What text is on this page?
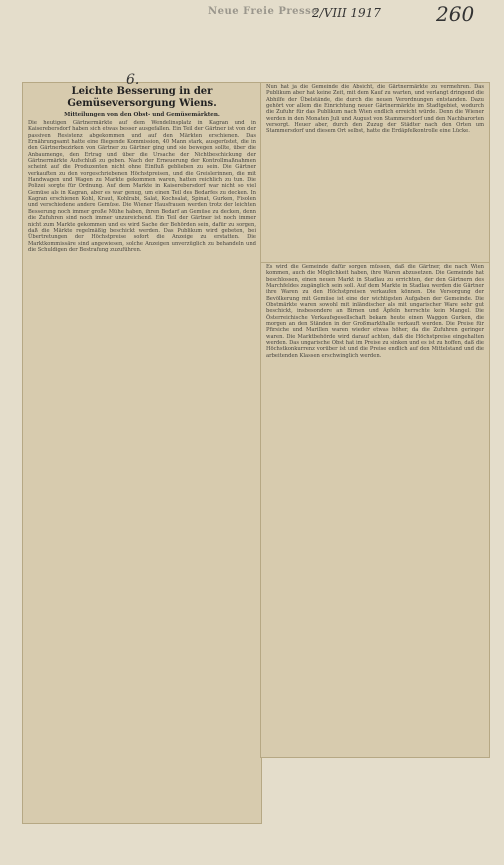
Neue Freie Presse
2/VIII 1917	260
Leichte Besserung in der Gemüseversorgung Wiens.
Mitteilungen von den Obst- und Gemüsemärkten.

Die heutigen Gärtnermärkte auf dem Wendelinsplatz in Kagran und in Kaiserebersdorf haben sich etwas besser ausgefallen. Ein Teil der Gärtner ist von der passiven Resistenz abgekommen und auf den Märkten erschienen. Das Ernährungsamt hatte eine fliegende Kommission, 40 Mann stark, ausgerüstet, die in den Gärtnerbezirken von Gärtner zu Gärtner ging und sie bewegen sollte, über die Anbaumenge, den Ertrag und über die Ursache der Nichtbeschickung der Gärtnermärkte Aufschluß zu geben. Nach der Erneuerung der Kontrollmaßnahmen scheint auf die Produzenten nicht ohne Einfluß geblieben zu sein. Die Gärtner verkauften zu den vorgeschriebenen Höchstpreisen, und die Greislerinnen, die mit Handwagen und Wagen zu Markte gekommen waren, hatten reichlich zu tun. Die Polizei sorgte für Ordnung. Auf dem Markte in Kaiserebersdorf war nicht so viel Gemüse als in Kagran, aber es war genug, um einen Teil des Bedarfes zu decken. In Kagran erschienen Kohl, Kraut, Kohlrabi, Salat, Kochsalat, Spinat, Gurken, Fisolen und verschiedene andere Gemüse. Die Wiener Hausfrauen werden trotz der leichten Besserung noch immer große Mühe haben, ihren Bedarf an Gemüse zu decken, denn die Zufuhren sind noch immer unzureichend. Ein Teil der Gärtner ist noch immer nicht zum Markte gekommen und es wird Sache der Behörden sein, dafür zu sorgen, daß die Märkte regelmäßig beschickt werden. Das Publikum wird gebeten, bei Übertretungen der Höchstpreise sofort die Anzeige zu erstatten. Die Marktkommissäre sind angewiesen, solche Anzeigen unverzüglich zu behandeln und die Schuldigen der Bestrafung zuzuführen.

6.	Nun hat ja die Gemeinde die Absicht, die Gärtnermärkte zu vermehren. Das Publikum aber hat keine Zeit, mit dem Kauf zu warten, und verlangt dringend die Abhilfe der Übelstände, die durch die neuen Verordnungen entstanden. Dazu gehört vor allem die Einrichtung neuer Gärtnermärkte im Stadtgebiet, wodurch die Zufuhr für das Publikum nach Wien endlich erreicht würde. Denn die Wiener werden in den Monaten Juli und August von Stammersdorf und den Nachbarorten versorgt. Heuer aber, durch den Zuzug der Städter nach den Orten um Stammersdorf und diesem Ort selbst, hatte die Erdäpfelkontrolle eine Lücke.

Es wird die Gemeinde dafür sorgen müssen, daß die Gärtner, die nach Wien kommen, auch die Möglichkeit haben, ihre Waren abzusetzen. Die Gemeinde hat beschlossen, einen neuen Markt in Stadlau zu errichten, der den Gärtnern des Marchfeldes zugänglich sein soll. Auf dem Markte in Stadlau werden die Gärtner ihre Waren zu den Höchstpreisen verkaufen können. Die Versorgung der Bevölkerung mit Gemüse ist eine der wichtigsten Aufgaben der Gemeinde. Die Obstmärkte waren sowohl mit inländischer als mit ungarischer Ware sehr gut beschickt, insbesondere an Birnen und Äpfeln herrschte kein Mangel. Die Österreichische Verkaufsgesellschaft bekam heute einen Waggon Gurken, die morgen an den Ständen in der Großmarkthalle verkauft werden. Die Preise für Pfirsiche und Marillen waren wieder etwas höher, da die Zufuhren geringer waren. Die Marktbehörde wird darauf achten, daß die Höchstpreise eingehalten werden. Das ungarische Obst hat im Preise zu sinken und es ist zu hoffen, daß die Höchstkonkurrenz vorüber ist und die Preise endlich auf den Mittelstand und die arbeitenden Klassen erschwinglich werden.
